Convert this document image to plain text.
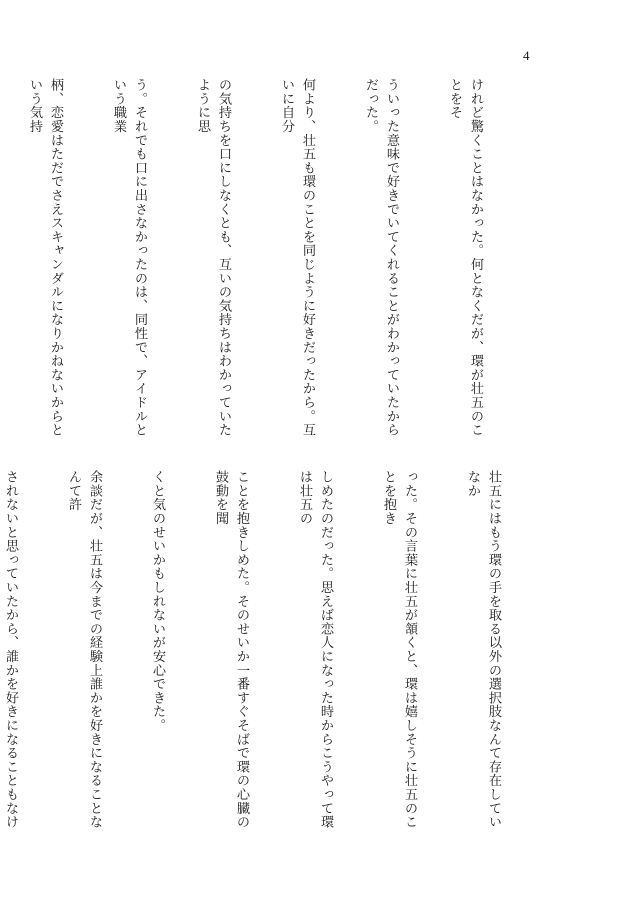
4

けれど驚くことはなかった。何となくだが、環が壮五のことをそ

ういった意味で好きでいてくれることがわかっていたからだった。

何より、壮五も環のことを同じように好きだったから。互いに自分

の気持ちを口にしなくとも、互いの気持ちはわかっていたように思

う。それでも口に出さなかったのは、同性で、アイドルという職業

柄、恋愛はただでさえスキャンダルになりかねないからという気持

壮五にはもう環の手を取る以外の選択肢なんて存在していなか

った。その言葉に壮五が頷くと、環は嬉しそうに壮五のことを抱き

しめたのだった。思えば恋人になった時からこうやって環は壮五の

ことを抱きしめた。そのせいか一番すぐそばで環の心臓の鼓動を聞

くと気のせいかもしれないが安心できた。

余談だが、壮五は今までの経験上誰かを好きになることなんて許

されないと思っていたから、誰かを好きになることもなけ
